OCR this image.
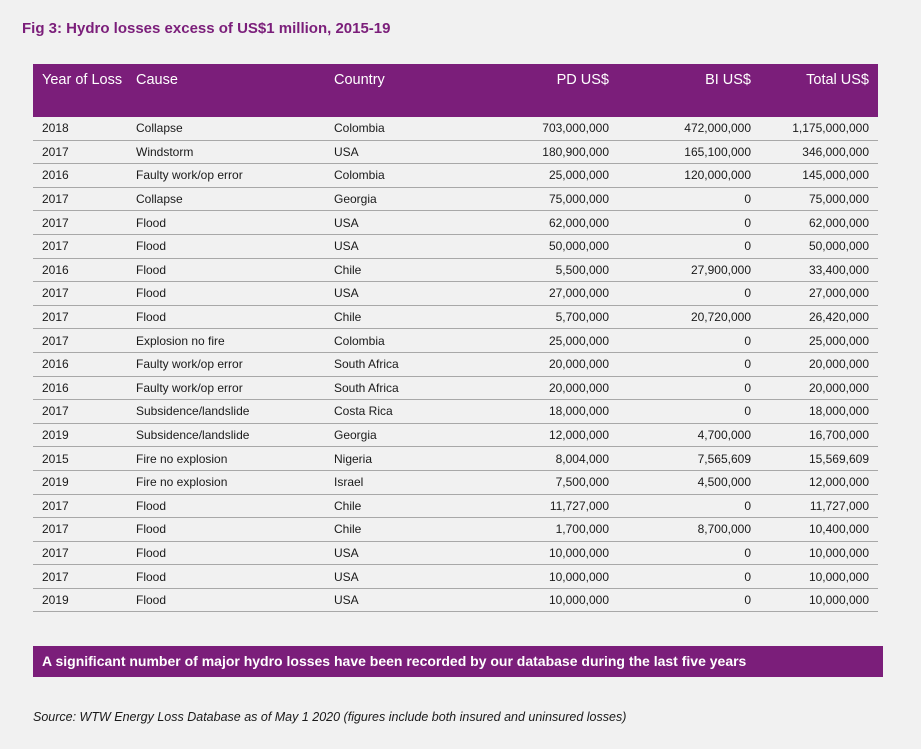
Fig 3: Hydro losses excess of US$1 million, 2015-19
Year of Loss	Cause	Country	PD US$	BI US$	Total US$
2018	Collapse	Colombia	703,000,000	472,000,000	1,175,000,000
2017	Windstorm	USA	180,900,000	165,100,000	346,000,000
2016	Faulty work/op error	Colombia	25,000,000	120,000,000	145,000,000
2017	Collapse	Georgia	75,000,000	0	75,000,000
2017	Flood	USA	62,000,000	0	62,000,000
2017	Flood	USA	50,000,000	0	50,000,000
2016	Flood	Chile	5,500,000	27,900,000	33,400,000
2017	Flood	USA	27,000,000	0	27,000,000
2017	Flood	Chile	5,700,000	20,720,000	26,420,000
2017	Explosion no fire	Colombia	25,000,000	0	25,000,000
2016	Faulty work/op error	South Africa	20,000,000	0	20,000,000
2016	Faulty work/op error	South Africa	20,000,000	0	20,000,000
2017	Subsidence/landslide	Costa Rica	18,000,000	0	18,000,000
2019	Subsidence/landslide	Georgia	12,000,000	4,700,000	16,700,000
2015	Fire no explosion	Nigeria	8,004,000	7,565,609	15,569,609
2019	Fire no explosion	Israel	7,500,000	4,500,000	12,000,000
2017	Flood	Chile	11,727,000	0	11,727,000
2017	Flood	Chile	1,700,000	8,700,000	10,400,000
2017	Flood	USA	10,000,000	0	10,000,000
2017	Flood	USA	10,000,000	0	10,000,000
2019	Flood	USA	10,000,000	0	10,000,000
A significant number of major hydro losses have been recorded by our database during the last five years
Source: WTW Energy Loss Database as of May 1 2020 (figures include both insured and uninsured losses)
